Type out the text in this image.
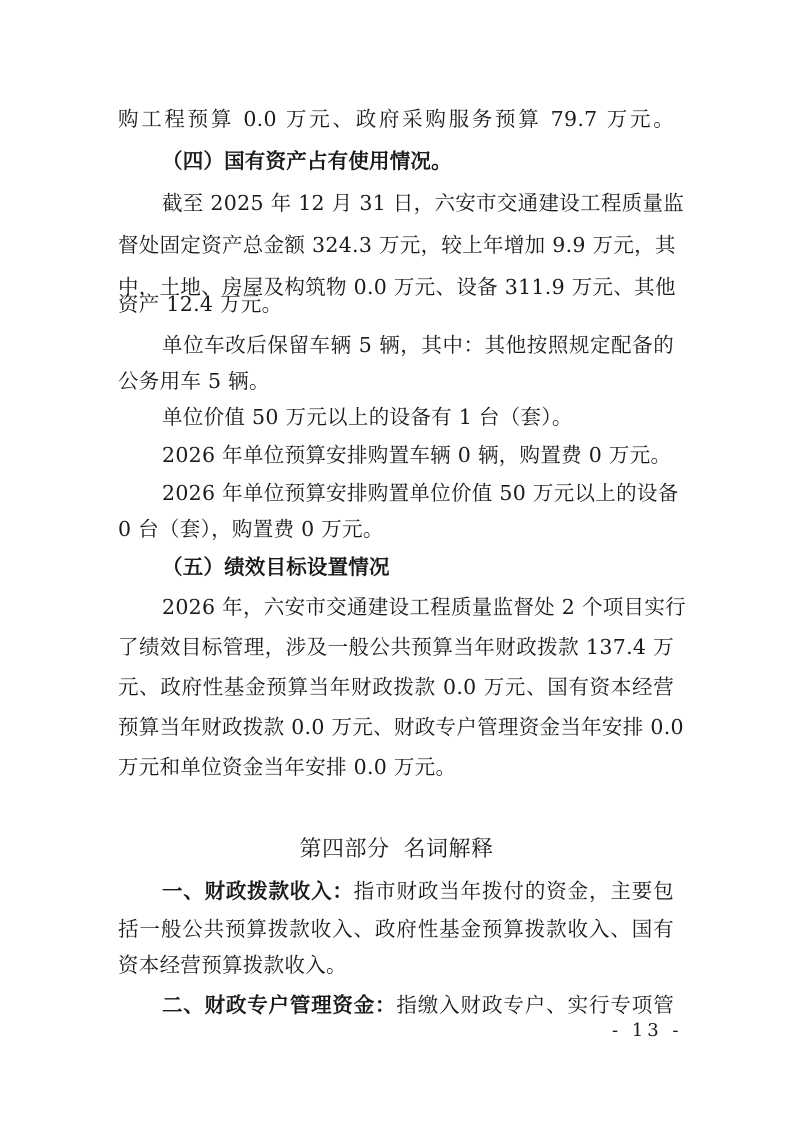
购工程预算 0.0 万元、政府采购服务预算 79.7 万元。
（四）国有资产占有使用情况。
截至 2025 年 12 月 31 日，六安市交通建设工程质量监
督处固定资产总金额 324.3 万元，较上年增加 9.9 万元，其
中，土地、房屋及构筑物 0.0 万元、设备 311.9 万元、其他
资产 12.4 万元。
单位车改后保留车辆 5 辆，其中：其他按照规定配备的
公务用车 5 辆。
单位价值 50 万元以上的设备有 1 台（套）。
2026 年单位预算安排购置车辆 0 辆，购置费 0 万元。
2026 年单位预算安排购置单位价值 50 万元以上的设备
0 台（套），购置费 0 万元。
（五）绩效目标设置情况
2026 年，六安市交通建设工程质量监督处 2 个项目实行
了绩效目标管理，涉及一般公共预算当年财政拨款 137.4 万
元、政府性基金预算当年财政拨款 0.0 万元、国有资本经营
预算当年财政拨款 0.0 万元、财政专户管理资金当年安排 0.0
万元和单位资金当年安排 0.0 万元。
第四部分 名词解释
一、财政拨款收入：指市财政当年拨付的资金，主要包
括一般公共预算拨款收入、政府性基金预算拨款收入、国有
资本经营预算拨款收入。
二、财政专户管理资金：指缴入财政专户、实行专项管
- 13 -
